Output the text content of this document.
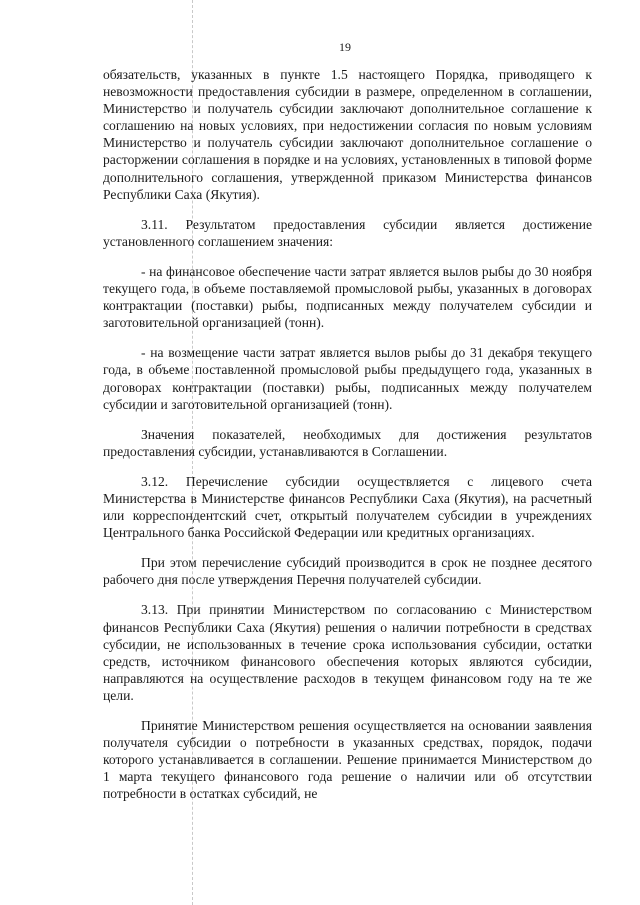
19

обязательств, указанных в пункте 1.5 настоящего Порядка, приводящего к невозможности предоставления субсидии в размере, определенном в соглашении, Министерство и получатель субсидии заключают дополнительное соглашение к соглашению на новых условиях, при недостижении согласия по новым условиям Министерство и получатель субсидии заключают дополнительное соглашение о расторжении соглашения в порядке и на условиях, установленных в типовой форме дополнительного соглашения, утвержденной приказом Министерства финансов Республики Саха (Якутия).

3.11. Результатом предоставления субсидии является достижение установленного соглашением значения:

- на финансовое обеспечение части затрат является вылов рыбы до 30 ноября текущего года, в объеме поставляемой промысловой рыбы, указанных в договорах контрактации (поставки) рыбы, подписанных между получателем субсидии и заготовительной организацией (тонн).

- на возмещение части затрат является вылов рыбы до 31 декабря текущего года, в объеме поставленной промысловой рыбы предыдущего года, указанных в договорах контрактации (поставки) рыбы, подписанных между получателем субсидии и заготовительной организацией (тонн).

Значения показателей, необходимых для достижения результатов предоставления субсидии, устанавливаются в Соглашении.

3.12. Перечисление субсидии осуществляется с лицевого счета Министерства в Министерстве финансов Республики Саха (Якутия), на расчетный или корреспондентский счет, открытый получателем субсидии в учреждениях Центрального банка Российской Федерации или кредитных организациях.

При этом перечисление субсидий производится в срок не позднее десятого рабочего дня после утверждения Перечня получателей субсидии.

3.13. При принятии Министерством по согласованию с Министерством финансов Республики Саха (Якутия) решения о наличии потребности в средствах субсидии, не использованных в течение срока использования субсидии, остатки средств, источником финансового обеспечения которых являются субсидии, направляются на осуществление расходов в текущем финансовом году на те же цели.

Принятие Министерством решения осуществляется на основании заявления получателя субсидии о потребности в указанных средствах, порядок, подачи которого устанавливается в соглашении. Решение принимается Министерством до 1 марта текущего финансового года решение о наличии или об отсутствии потребности в остатках субсидий, не
